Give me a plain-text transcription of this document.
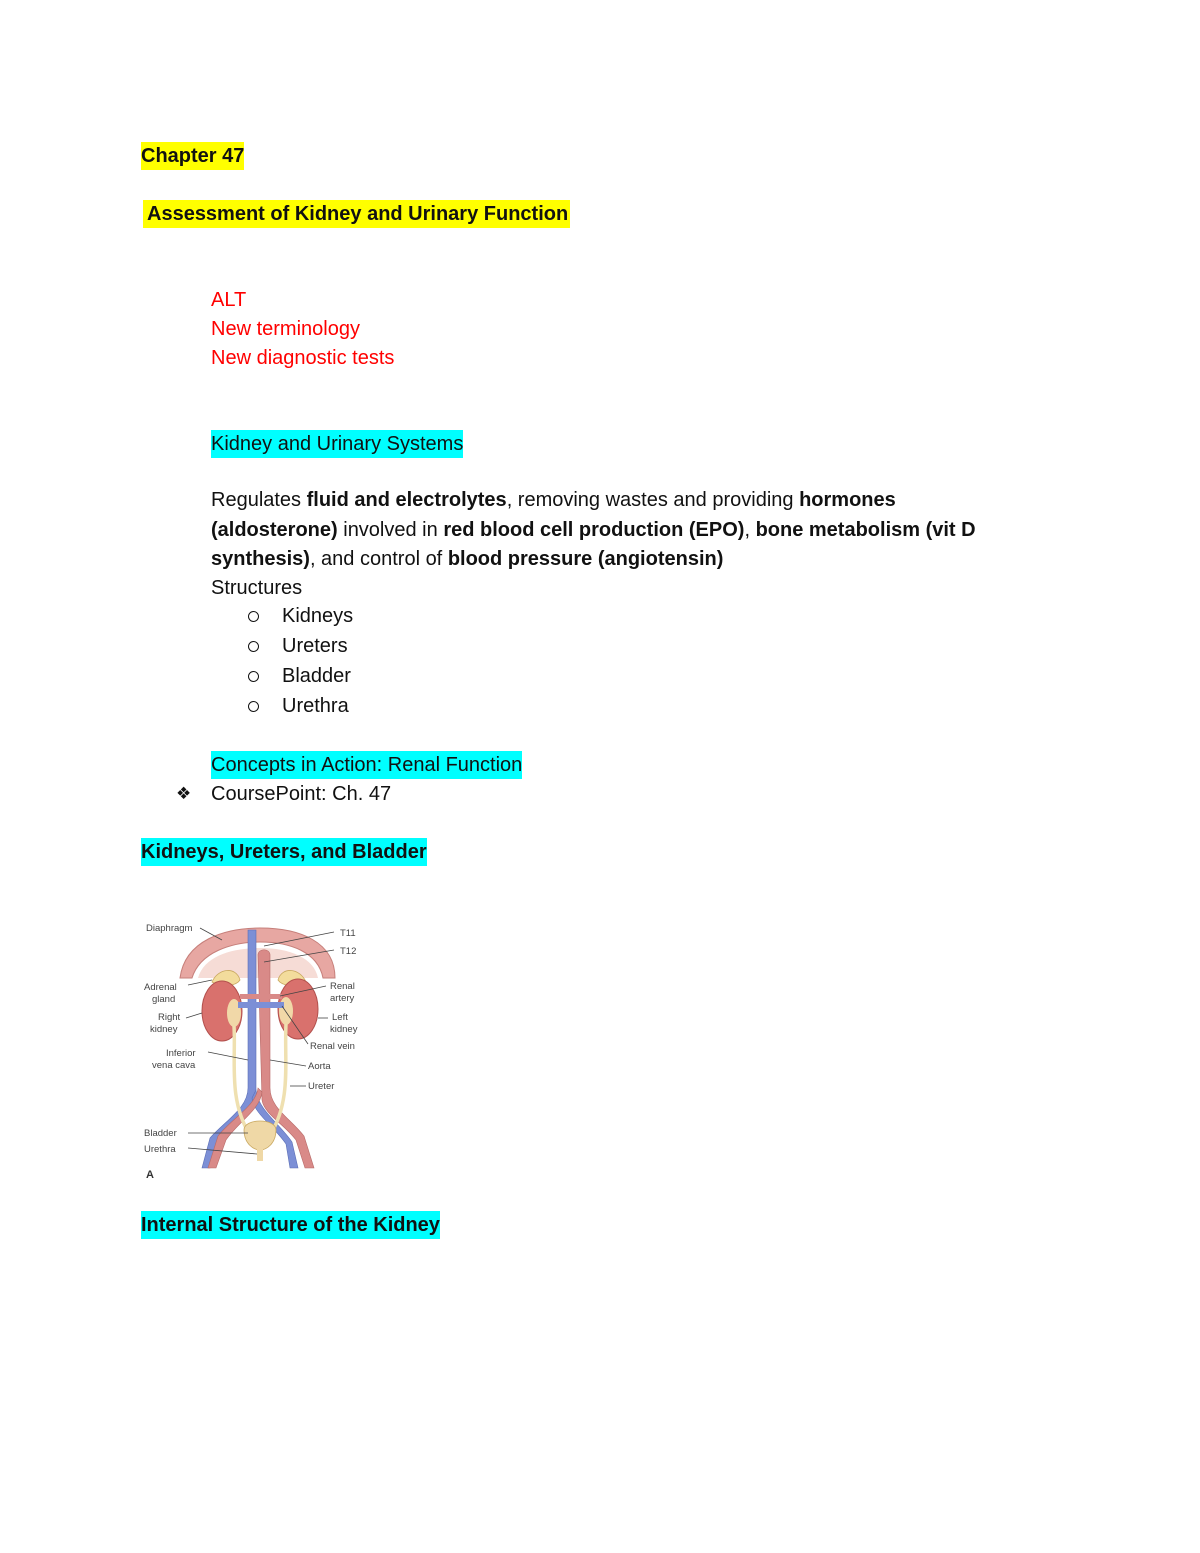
Chapter 47
Assessment of Kidney and Urinary Function
ALT
New terminology
New diagnostic tests
Kidney and Urinary Systems
Regulates fluid and electrolytes, removing wastes and providing hormones (aldosterone) involved in red blood cell production (EPO), bone metabolism (vit D synthesis), and control of blood pressure (angiotensin)
Structures
Kidneys
Ureters
Bladder
Urethra
Concepts in Action: Renal Function
❖ CoursePoint: Ch. 47
Kidneys, Ureters, and Bladder
Diaphragm
Adrenal
gland
Right
kidney
Inferior
vena cava
Bladder
Urethra
T11
T12
Renal
artery
Left
kidney
Renal vein
Aorta
Ureter
A
Internal Structure of the Kidney
